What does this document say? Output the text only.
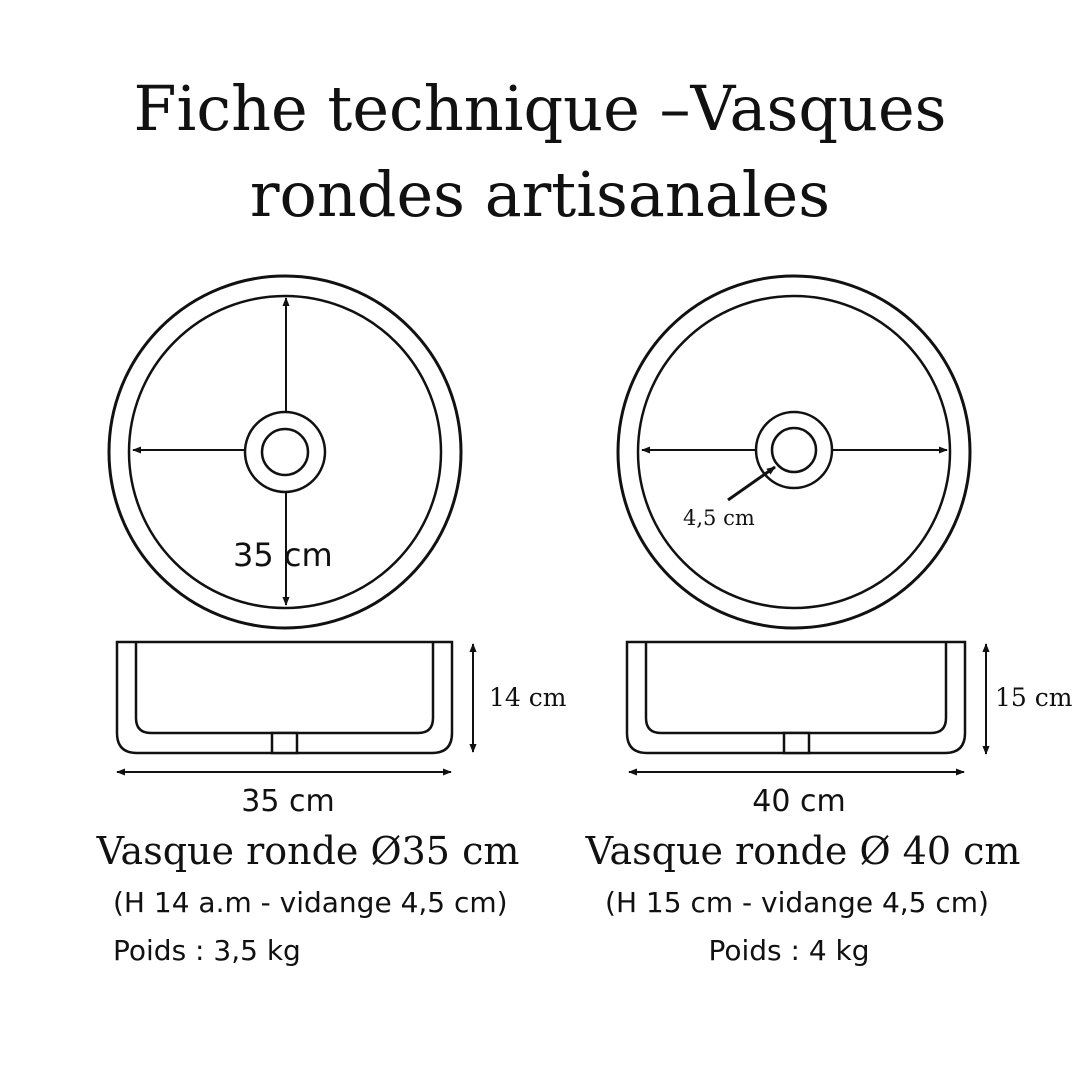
Fiche technique –Vasques
rondes artisanales
35 cm
14 cm
35 cm
Vasque ronde Ø35 cm
(H 14 a.m - vidange 4,5 cm)
Poids : 3,5 kg
4,5 cm
15 cm
40 cm
Vasque ronde Ø 40 cm
(H 15 cm - vidange 4,5 cm)
Poids : 4 kg
